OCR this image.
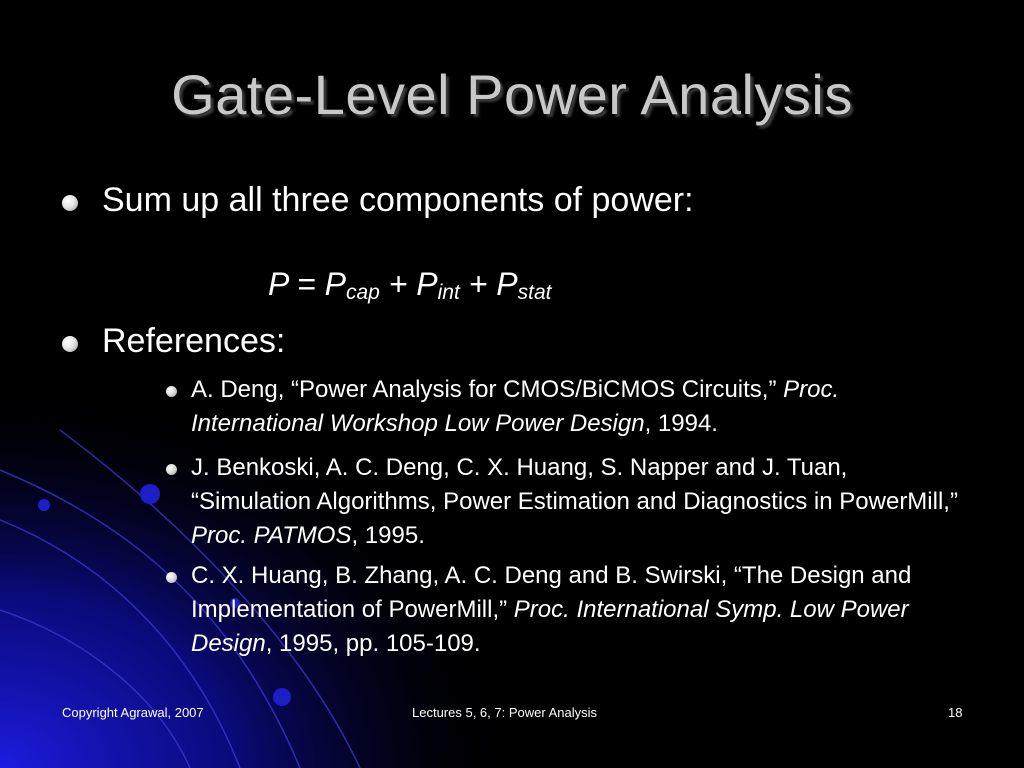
Gate-Level Power Analysis
Sum up all three components of power:
$P = P_{cap} + P_{int} + P_{stat}$
References:
A. Deng, “Power Analysis for CMOS/BiCMOS Circuits,” Proc. International Workshop Low Power Design, 1994.
J. Benkoski, A. C. Deng, C. X. Huang, S. Napper and J. Tuan, “Simulation Algorithms, Power Estimation and Diagnostics in PowerMill,” Proc. PATMOS, 1995.
C. X. Huang, B. Zhang, A. C. Deng and B. Swirski, “The Design and Implementation of PowerMill,” Proc. International Symp. Low Power Design, 1995, pp. 105-109.
Copyright Agrawal, 2007	Lectures 5, 6, 7: Power Analysis	18
